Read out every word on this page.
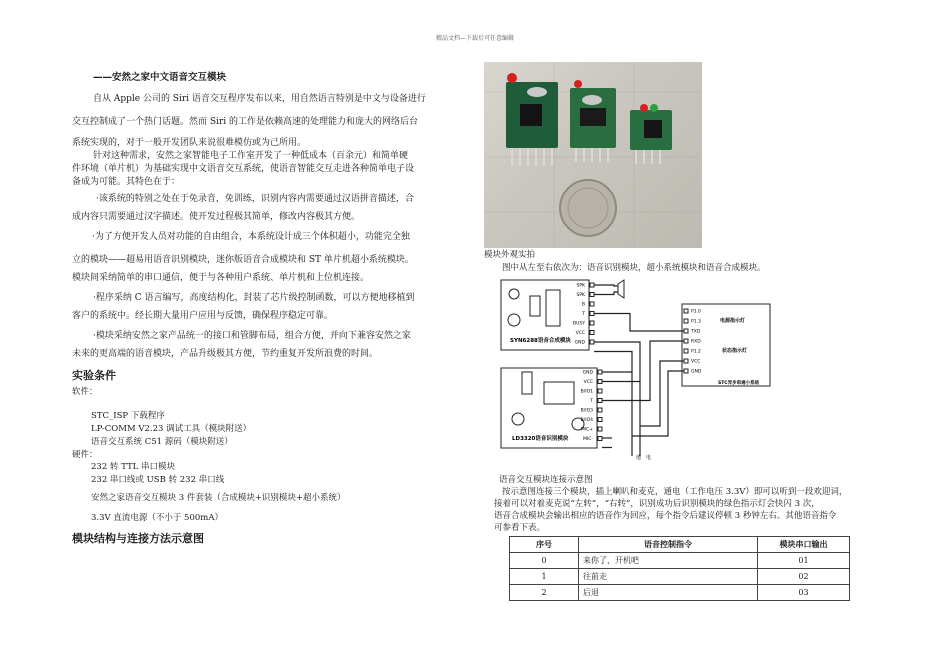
精品文档---下载后可任意编辑
——安然之家中文语音交互模块
自从 Apple 公司的 Siri 语音交互程序发布以来，用自然语言特别是中文与设备进行
交互控制成了一个热门话题。然而 Siri 的工作是依赖高速的处理能力和庞大的网络后台
系统实现的，对于一般开发团队来说很难模仿或为己所用。
针对这种需求，安然之家智能电子工作室开发了一种低成本（百余元）和简单硬
件环境（单片机）为基础实现中文语音交互系统，使语音智能交互走进各种简单电子设
备成为可能。其特色在于：
·该系统的特别之处在于免录音，免训练，识别内容内需要通过汉语拼音描述，合
成内容只需要通过汉字描述。使开发过程极其简单，修改内容极其方便。
·为了方便开发人员对功能的自由组合，本系统设计成三个体积超小，功能完全独
立的模块——超易用语音识别模块，迷你版语音合成模块和 ST 单片机超小系统模块。
模块间采纳简单的串口通信，便于与各种用户系统、单片机和上位机连接。
·程序采纳 C 语言编写，高度结构化，封装了芯片级控制函数，可以方便地移植到
客户的系统中。经长期大量用户应用与反馈，确保程序稳定可靠。
·模块采纳安然之家产品统一的接口和管脚布局，组合方便，并向下兼容安然之家
未来的更高端的语音模块，产品升级极其方便，节约重复开发所浪费的时间。
实验条件
软件：
STC_ISP 下载程序
LP-COMM V2.23 调试工具（模块附送）
语音交互系统 C51 源码（模块附送）
硬件：
232 转 TTL 串口模块
232 串口线或 USB 转 232 串口线
安然之家语音交互模块 3 件套装（合成模块+识别模块+超小系统）
3.3V 直流电源（不小于 500mA）
模块结构与连接方法示意图
模块外观实拍
图中从左至右依次为：语音识别模块，超小系统模块和语音合成模块。
SYN6288语音合成模块
SPK
SPK
B
T
BUSY
VCC
GND
LD3320语音识别模块
GND
VCC
B/IO1
T
B/IO3
B/IO4
MIC+
MIC-
P1.0
P1.3
TXD
RXD
P1.2
VCC
GND
电源指示灯
状态指示灯
STC异步串通小系统
地 电
语音交互模块连接示意图
按示意图连接三个模块，插上喇叭和麦克，通电（工作电压 3.3V）即可以听到一段欢迎词，
接着可以对着麦克说“左转”，“右转”，识别成功后识别模块的绿色指示灯会快闪 3 次，
语音合成模块会输出相应的语音作为回应，每个指令后建议停顿 3 秒钟左右。其他语音指令
可参看下表。
序号	语音控制指令	模块串口输出
0	来你了，开机吧	01
1	往前走	02
2	后退	03
